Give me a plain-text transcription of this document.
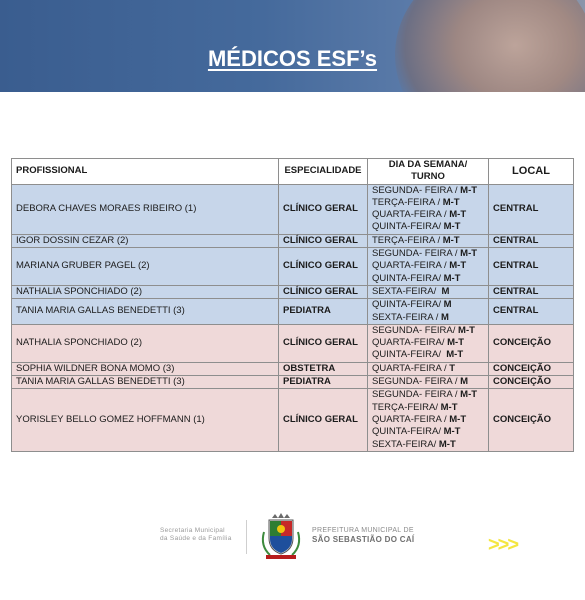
MÉDICOS ESF’s
PROFISSIONAL	ESPECIALIDADE	DIA DA SEMANA/ TURNO	LOCAL
DEBORA CHAVES MORAES RIBEIRO (1)	CLÍNICO GERAL	SEGUNDA- FEIRA / M-T
TERÇA-FEIRA / M-T
QUARTA-FEIRA / M-T
QUINTA-FEIRA/ M-T	CENTRAL
IGOR DOSSIN CEZAR (2)	CLÍNICO GERAL	TERÇA-FEIRA / M-T	CENTRAL
MARIANA GRUBER PAGEL (2)	CLÍNICO GERAL	SEGUNDA- FEIRA / M-T
QUARTA-FEIRA / M-T
QUINTA-FEIRA/ M-T	CENTRAL
NATHALIA SPONCHIADO (2)	CLÍNICO GERAL	SEXTA-FEIRA/  M	CENTRAL
TANIA MARIA GALLAS BENEDETTI (3)	PEDIATRA	QUINTA-FEIRA/ M
SEXTA-FEIRA / M	CENTRAL
NATHALIA SPONCHIADO (2)	CLÍNICO GERAL	SEGUNDA- FEIRA/ M-T
QUARTA-FEIRA/ M-T
QUINTA-FEIRA/  M-T	CONCEIÇÃO
SOPHIA WILDNER BONA MOMO (3)	OBSTETRA	QUARTA-FEIRA / T	CONCEIÇÃO
TANIA MARIA GALLAS BENEDETTI (3)	PEDIATRA	SEGUNDA- FEIRA / M	CONCEIÇÃO
YORISLEY BELLO GOMEZ HOFFMANN (1)	CLÍNICO GERAL	SEGUNDA- FEIRA / M-T
TERÇA-FEIRA/ M-T
QUARTA-FEIRA / M-T
QUINTA-FEIRA/ M-T
SEXTA-FEIRA/ M-T	CONCEIÇÃO
Secretaria Municipal
da Saúde e da Família
PREFEITURA MUNICIPAL DE
SÃO SEBASTIÃO DO CAÍ	>>>
